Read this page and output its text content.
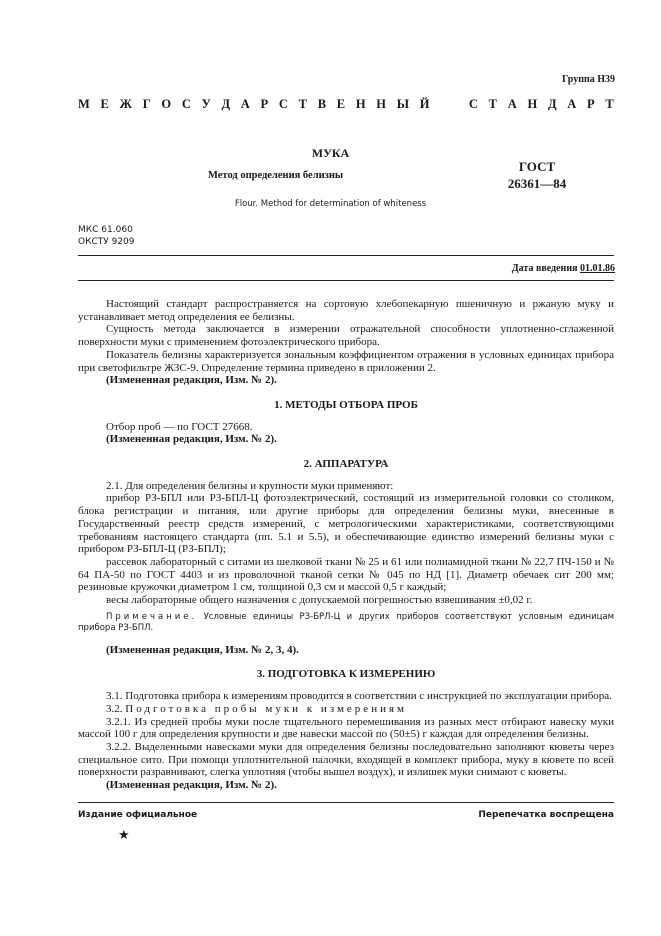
Группа Н39
М Е Ж Г О С У Д А Р С Т В Е Н Н Ы Й	С Т А Н Д А Р Т
МУКА
Метод определения белизны
ГОСТ
26361—84
Flour. Method for determination of whiteness
МКС 61.060
ОКСТУ 9209
Дата введения 01.01.86

Настоящий стандарт распространяется на сортовую хлебопекарную пшеничную и ржаную муку и устанавливает метод определения ее белизны.

Сущность метода заключается в измерении отражательной способности уплотненно-сглаженной поверхности муки с применением фотоэлектрического прибора.

Показатель белизны характеризуется зональным коэффициентом отражения в условных единицах прибора при светофильтре ЖЗС-9. Определение термина приведено в приложении 2.

(Измененная редакция, Изм. № 2).

1. МЕТОДЫ ОТБОРА ПРОБ

Отбор проб — по ГОСТ 27668.

(Измененная редакция, Изм. № 2).

2. АППАРАТУРА

2.1. Для определения белизны и крупности муки применяют:

прибор РЗ-БПЛ или РЗ-БПЛ-Ц фотоэлектрический, состоящий из измерительной головки со столиком, блока регистрации и питания, или другие приборы для определения белизны муки, внесенные в Государственный реестр средств измерений, с метрологическими характеристиками, соответствующими требованиям настоящего стандарта (пп. 5.1 и 5.5), и обеспечивающие единство измерений белизны муки с прибором РЗ-БПЛ-Ц (РЗ-БПЛ);

рассевок лабораторный с ситами из шелковой ткани № 25 и 61 или полиамидной ткани № 22,7 ПЧ-150 и № 64 ПА-50 по ГОСТ 4403 и из проволочной тканой сетки № 045 по НД [1]. Диаметр обечаек сит 200 мм; резиновые кружочки диаметром 1 см, толщиной 0,3 см и массой 0,5 г каждый;

весы лабораторные общего назначения с допускаемой погрешностью взвешивания ±0,02 г.

Примечание. Условные единицы РЗ-БРЛ-Ц и других приборов соответствуют условным единицам прибора РЗ-БПЛ.

(Измененная редакция, Изм. № 2, 3, 4).

3. ПОДГОТОВКА К ИЗМЕРЕНИЮ

3.1. Подготовка прибора к измерениям проводится в соответствии с инструкцией по эксплуатации прибора.

3.2. Подготовка пробы муки к измерениям

3.2.1. Из средней пробы муки после тщательного перемешивания из разных мест отбирают навеску муки массой 100 г для определения крупности и две навески массой по (50±5) г каждая для определения белизны.

3.2.2. Выделенными навесками муки для определения белизны последовательно заполняют кюветы через специальное сито. При помощи уплотнительной палочки, входящей в комплект прибора, муку в кювете по всей поверхности разравнивают, слегка уплотняя (чтобы вышел воздух), и излишек муки снимают с кюветы.

(Измененная редакция, Изм. № 2).

Издание официальное	Перепечатка воспрещена
★
